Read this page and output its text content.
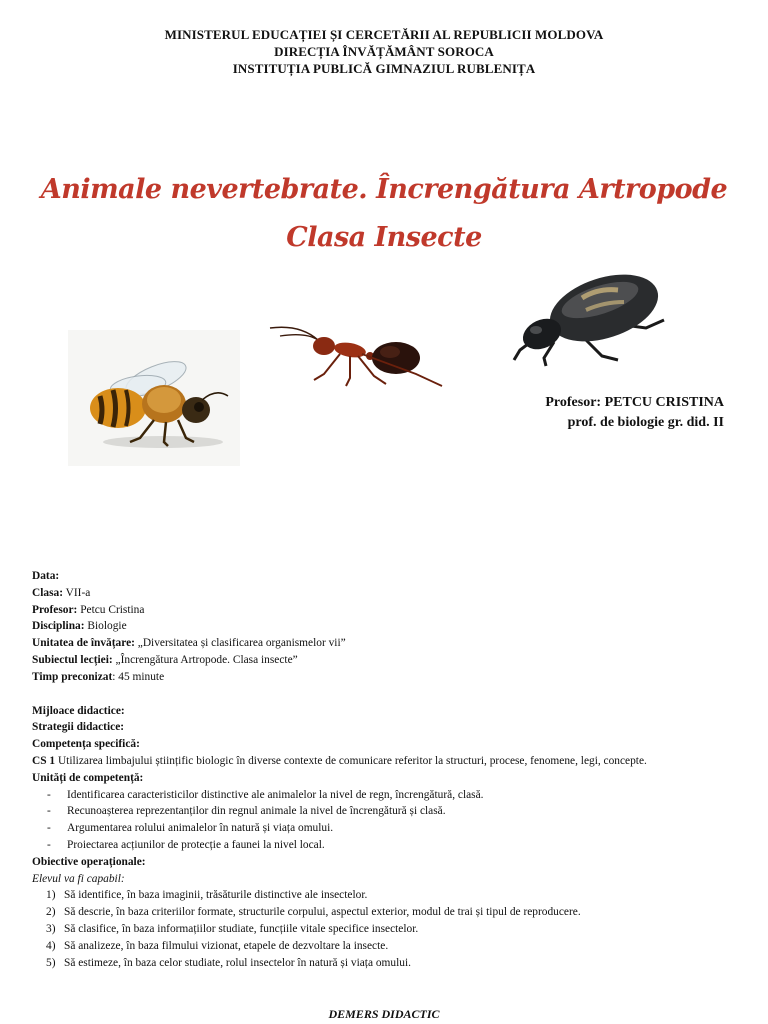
MINISTERUL EDUCAȚIEI ȘI CERCETĂRII AL REPUBLICII MOLDOVA
DIRECȚIA ÎNVĂȚĂMÂNT SOROCA
INSTITUȚIA PUBLICĂ GIMNAZIUL RUBLENIȚA
Animale nevertebrate. Încrengătura Artropode
Clasa Insecte
Profesor: PETCU CRISTINA
prof. de biologie gr. did. II
Data:
Clasa: VII-a
Profesor: Petcu Cristina
Disciplina: Biologie
Unitatea de învățare: „Diversitatea și clasificarea organismelor vii”
Subiectul lecției: „Încrengătura Artropode. Clasa insecte”
Timp preconizat: 45 minute
Mijloace didactice:
Strategii didactice:
Competența specifică:
CS 1 Utilizarea limbajului științific biologic în diverse contexte de comunicare referitor la structuri, procese, fenomene, legi, concepte.
Unități de competență:
- Identificarea caracteristicilor distinctive ale animalelor la nivel de regn, încrengătură, clasă.
- Recunoașterea reprezentanților din regnul animale la nivel de încrengătură și clasă.
- Argumentarea rolului animalelor în natură și viața omului.
- Proiectarea acțiunilor de protecție a faunei la nivel local.
Obiective operaționale:
Elevul va fi capabil:
1) Să identifice, în baza imaginii, trăsăturile distinctive ale insectelor.
2) Să descrie, în baza criteriilor formate, structurile corpului, aspectul exterior, modul de trai și tipul de reproducere.
3) Să clasifice, în baza informațiilor studiate, funcțiile vitale specifice insectelor.
4) Să analizeze, în baza filmului vizionat, etapele de dezvoltare la insecte.
5) Să estimeze, în baza celor studiate, rolul insectelor în natură și viața omului.
DEMERS DIDACTIC
